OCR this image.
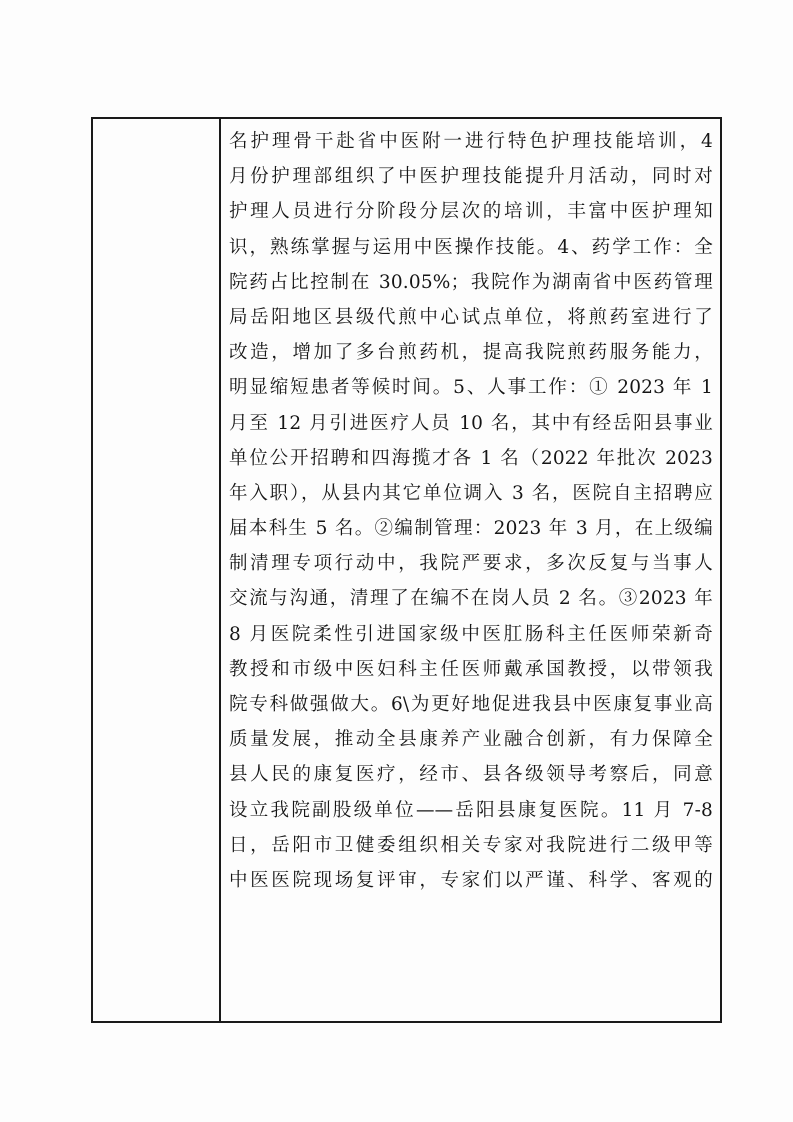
名护理骨干赴省中医附一进行特色护理技能培训，4
月份护理部组织了中医护理技能提升月活动，同时对
护理人员进行分阶段分层次的培训，丰富中医护理知
识，熟练掌握与运用中医操作技能。4、药学工作：全
院药占比控制在 30.05%；我院作为湖南省中医药管理
局岳阳地区县级代煎中心试点单位，将煎药室进行了
改造，增加了多台煎药机，提高我院煎药服务能力，
明显缩短患者等候时间。5、人事工作：① 2023 年 1
月至 12 月引进医疗人员 10 名，其中有经岳阳县事业
单位公开招聘和四海揽才各 1 名（2022 年批次 2023
年入职），从县内其它单位调入 3 名，医院自主招聘应
届本科生 5 名。②编制管理：2023 年 3 月，在上级编
制清理专项行动中，我院严要求，多次反复与当事人
交流与沟通，清理了在编不在岗人员 2 名。③2023 年
8 月医院柔性引进国家级中医肛肠科主任医师荣新奇
教授和市级中医妇科主任医师戴承国教授，以带领我
院专科做强做大。6\为更好地促进我县中医康复事业高
质量发展，推动全县康养产业融合创新，有力保障全
县人民的康复医疗，经市、县各级领导考察后，同意
设立我院副股级单位——岳阳县康复医院。11 月 7-8
日，岳阳市卫健委组织相关专家对我院进行二级甲等
中医医院现场复评审，专家们以严谨、科学、客观的
